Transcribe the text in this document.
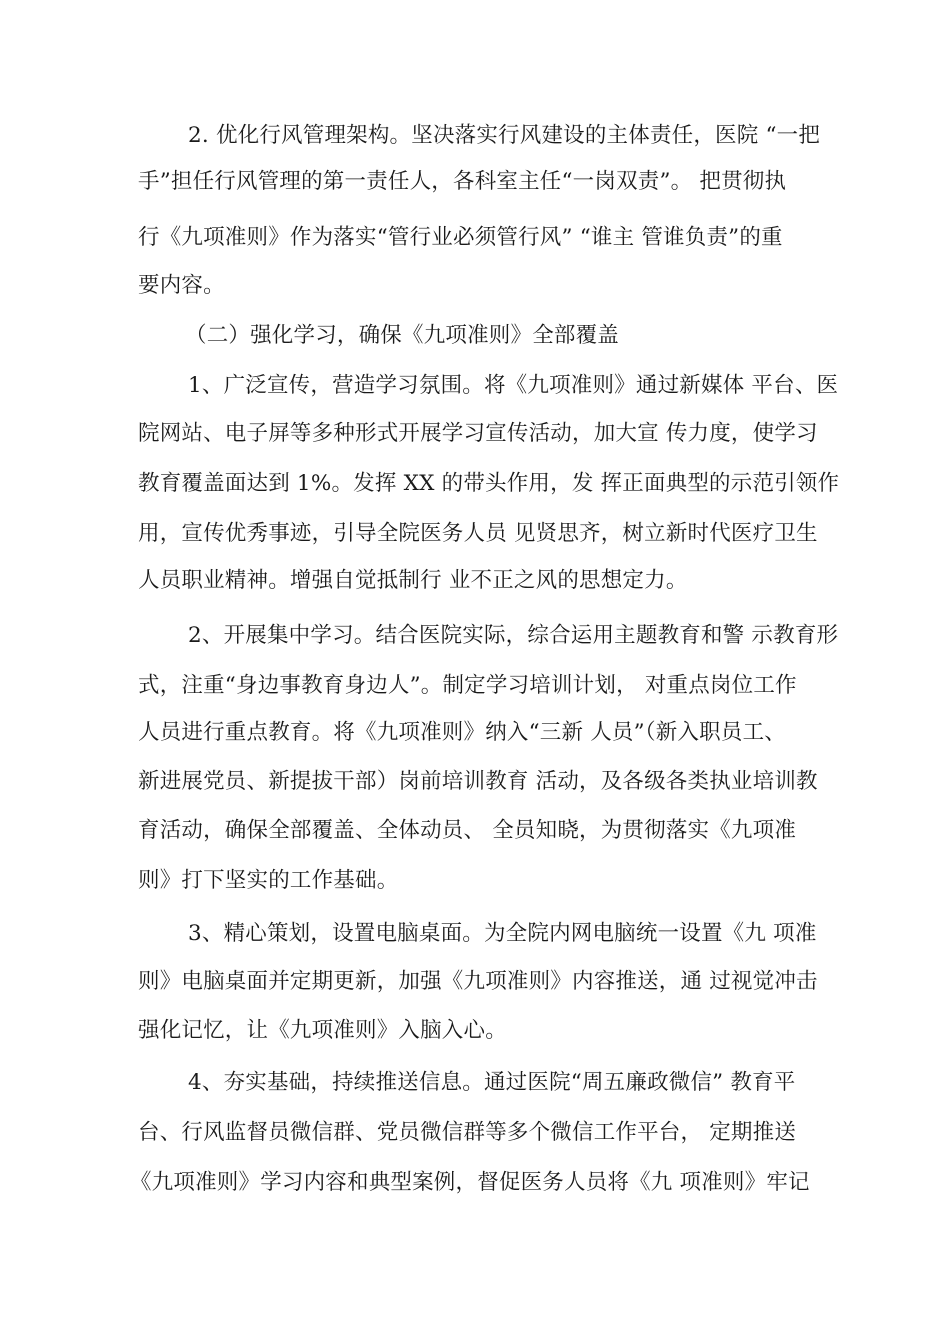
2. 优化行风管理架构。坚决落实行风建设的主体责任，医院 “一把
手”担任行风管理的第一责任人，各科室主任“一岗双责”。 把贯彻执
行《九项准则》作为落实“管行业必须管行风” “谁主 管谁负责”的重
要内容。
（二）强化学习，确保《九项准则》全部覆盖
1、广泛宣传，营造学习氛围。将《九项准则》通过新媒体 平台、医
院网站、电子屏等多种形式开展学习宣传活动，加大宣 传力度，使学习
教育覆盖面达到 1%。发挥 XX 的带头作用，发 挥正面典型的示范引领作
用，宣传优秀事迹，引导全院医务人员 见贤思齐，树立新时代医疗卫生
人员职业精神。增强自觉抵制行 业不正之风的思想定力。
2、开展集中学习。结合医院实际，综合运用主题教育和警 示教育形
式，注重“身边事教育身边人”。制定学习培训计划， 对重点岗位工作
人员进行重点教育。将《九项准则》纳入“三新 人员”（新入职员工、
新进展党员、新提拔干部）岗前培训教育 活动，及各级各类执业培训教
育活动，确保全部覆盖、全体动员、 全员知晓，为贯彻落实《九项准
则》打下坚实的工作基础。
3、精心策划，设置电脑桌面。为全院内网电脑统一设置《九 项准
则》电脑桌面并定期更新，加强《九项准则》内容推送，通 过视觉冲击
强化记忆，让《九项准则》入脑入心。
4、夯实基础，持续推送信息。通过医院“周五廉政微信” 教育平
台、行风监督员微信群、党员微信群等多个微信工作平台， 定期推送
《九项准则》学习内容和典型案例，督促医务人员将《九 项准则》牢记
